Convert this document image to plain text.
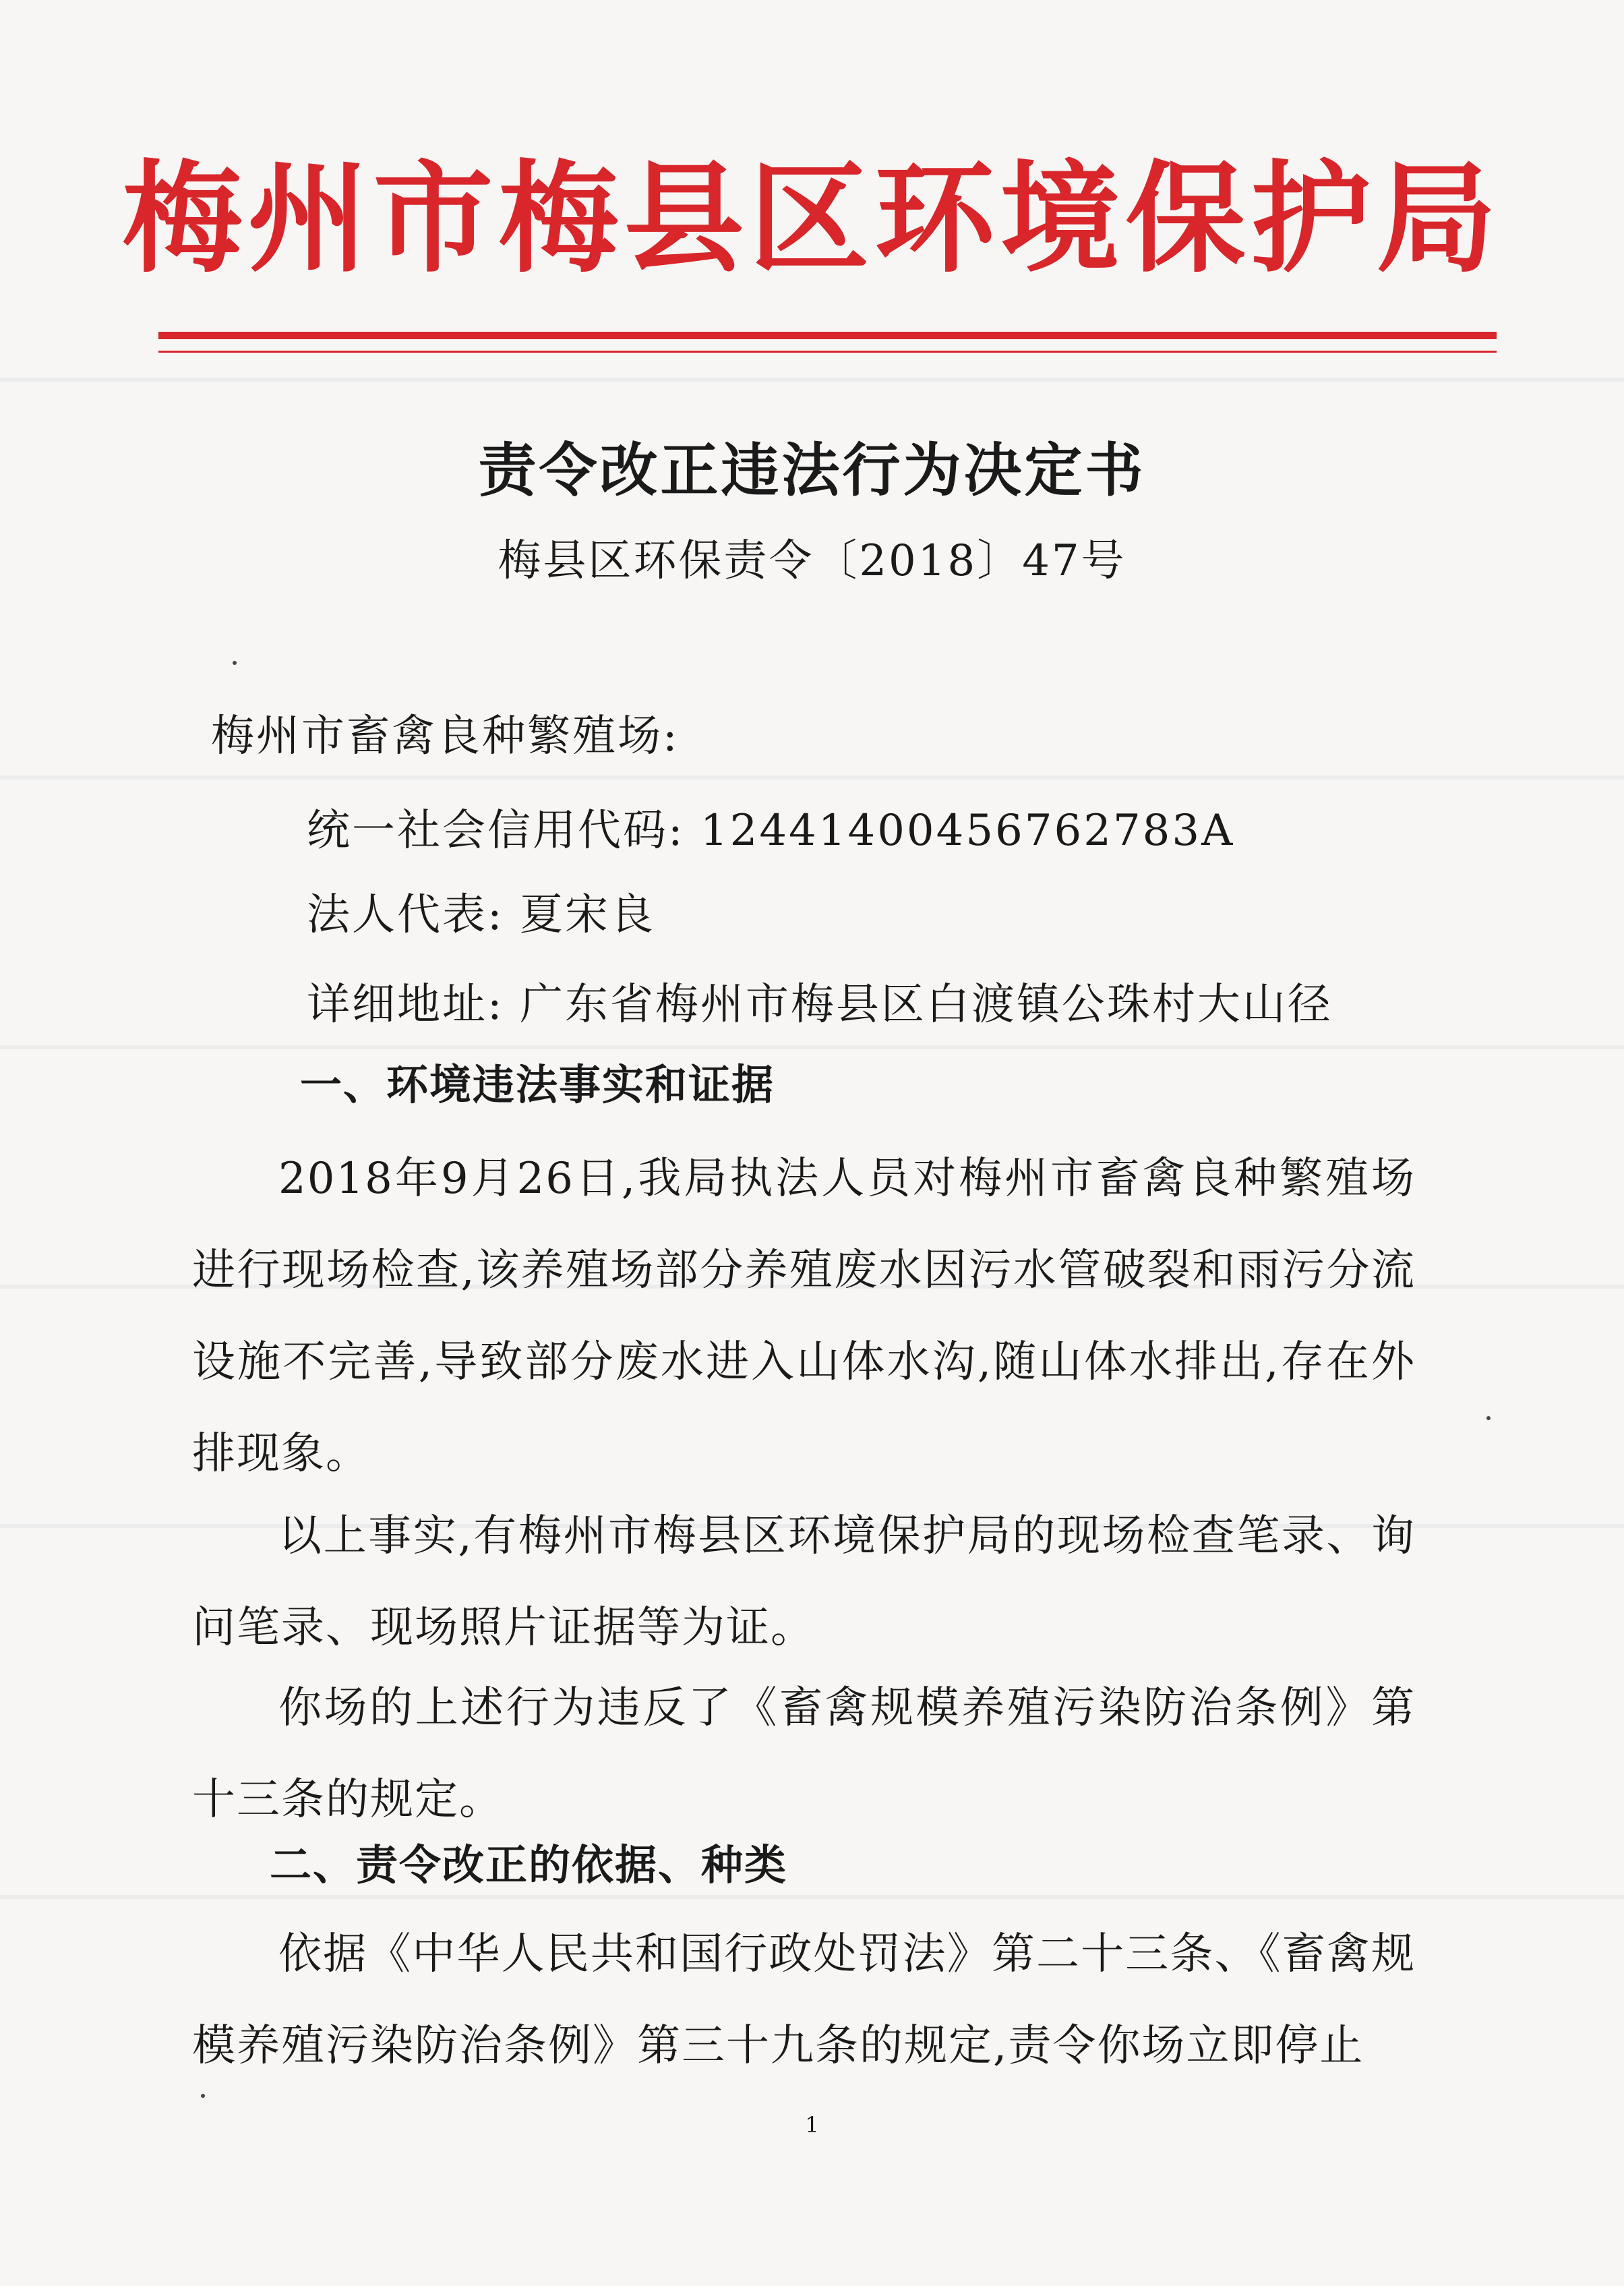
梅州市梅县区环境保护局
责令改正违法行为决定书
梅县区环保责令〔2018〕47号
梅州市畜禽良种繁殖场:
统一社会信用代码: 12441400456762783A
法人代表: 夏宋良
详细地址: 广东省梅州市梅县区白渡镇公珠村大山径
一、环境违法事实和证据
2018年9月26日,我局执法人员对梅州市畜禽良种繁殖场进行现场检查,该养殖场部分养殖废水因污水管破裂和雨污分流设施不完善,导致部分废水进入山体水沟,随山体水排出,存在外排现象。
以上事实,有梅州市梅县区环境保护局的现场检查笔录、询问笔录、现场照片证据等为证。
你场的上述行为违反了《畜禽规模养殖污染防治条例》第十三条的规定。
二、责令改正的依据、种类
依据《中华人民共和国行政处罚法》第二十三条、《畜禽规模养殖污染防治条例》第三十九条的规定,责令你场立即停止
1
